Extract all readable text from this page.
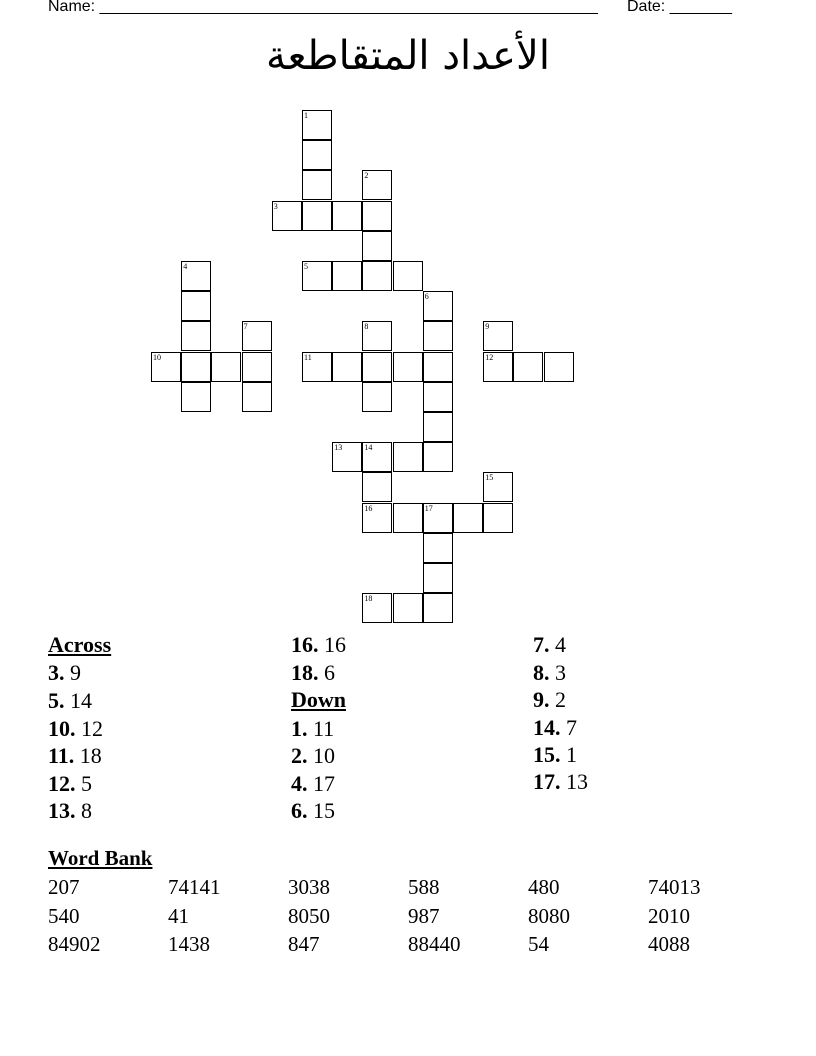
Name: ________________________________________________________ Date: _______
الأعداد المتقاطعة
1
2
3
4	5
6
7	8	9
10	11	12
13	14
15
16	17
18
Across
3. 9
5. 14
10. 12
11. 18
12. 5
13. 8
16. 16
18. 6
Down
1. 11
2. 10
4. 17
6. 15
7. 4
8. 3
9. 2
14. 7
15. 1
17. 13
Word Bank
207	74141	3038	588	480	74013
540	41	8050	987	8080	2010
84902	1438	847	88440	54	4088
